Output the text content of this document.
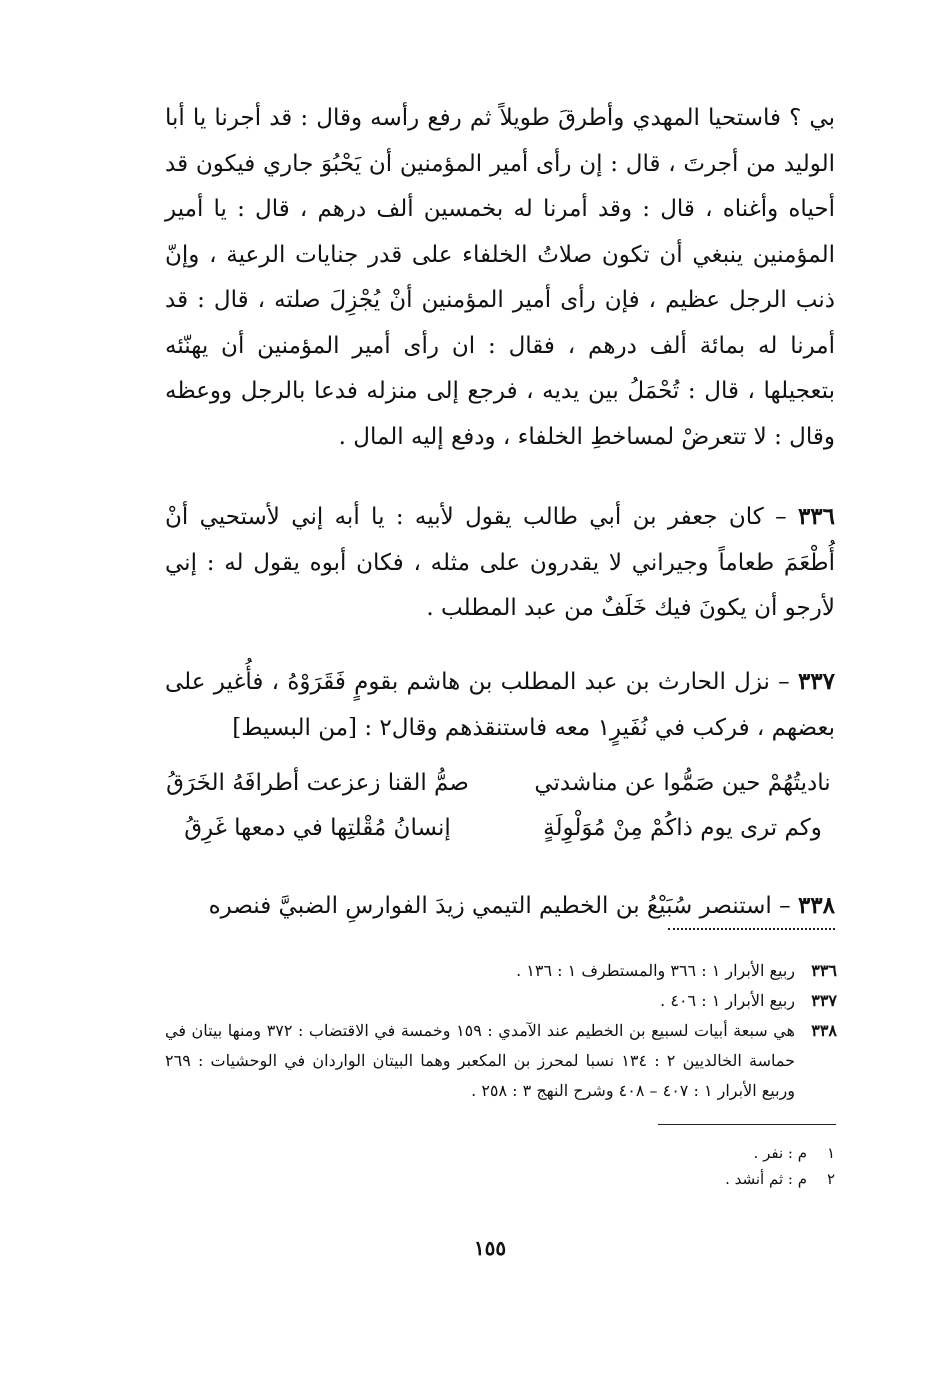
بي ؟ فاستحيا المهدي وأطرقَ طويلاً ثم رفع رأسه وقال : قد أجرنا يا أبا الوليد من أجرتَ ، قال : إن رأى أمير المؤمنين أن يَحْبُوَ جاري فيكون قد أحياه وأغناه ، قال : وقد أمرنا له بخمسين ألف درهم ، قال : يا أمير المؤمنين ينبغي أن تكون صلاتُ الخلفاء على قدر جنايات الرعية ، وإنّ ذنب الرجل عظيم ، فإن رأى أمير المؤمنين أنْ يُجْزِلَ صلته ، قال : قد أمرنا له بمائة ألف درهم ، فقال : ان رأى أمير المؤمنين أن يهنّئه بتعجيلها ، قال : تُحْمَلُ بين يديه ، فرجع إلى منزله فدعا بالرجل ووعظه وقال : لا تتعرضْ لمساخطِ الخلفاء ، ودفع إليه المال .

٣٣٦ – كان جعفر بن أبي طالب يقول لأبيه : يا أبه إني لأستحيي أنْ أُطْعَمَ طعاماً وجيراني لا يقدرون على مثله ، فكان أبوه يقول له : إني لأرجو أن يكونَ فيك خَلَفٌ من عبد المطلب .

٣٣٧ – نزل الحارث بن عبد المطلب بن هاشم بقومٍ فَقَرَوْهُ ، فأُغير على بعضهم ، فركب في نُفَيرٍ١ معه فاستنقذهم وقال٢ : [من البسيط]

ناديتُهُمْ حين صَمُّوا عن مناشدتي
صمُّ القنا زعزعت أطرافَهُ الخَرَقُ
وكم ترى يوم ذاكُمْ مِنْ مُوَلْوِلَةٍ
إنسانُ مُقْلتِها في دمعها غَرِقُ

٣٣٨ – استنصر سُبَيْعُ بن الخطيم التيمي زيدَ الفوارسِ الضبيَّ فنصره

٣٣٦
ربيع الأبرار ١ : ٣٦٦ والمستطرف ١ : ١٣٦ .
٣٣٧
ربيع الأبرار ١ : ٤٠٦ .
٣٣٨
هي سبعة أبيات لسبيع بن الخطيم عند الآمدي : ١٥٩ وخمسة في الاقتضاب : ٣٧٢ ومنها بيتان في حماسة الخالديين ٢ : ١٣٤ نسبا لمحرز بن المكعبر وهما البيتان الواردان في الوحشيات : ٢٦٩ وربيع الأبرار ١ : ٤٠٧ – ٤٠٨ وشرح النهج ٣ : ٢٥٨ .
١
م : نفر .
٢
م : ثم أنشد .
١٥٥
